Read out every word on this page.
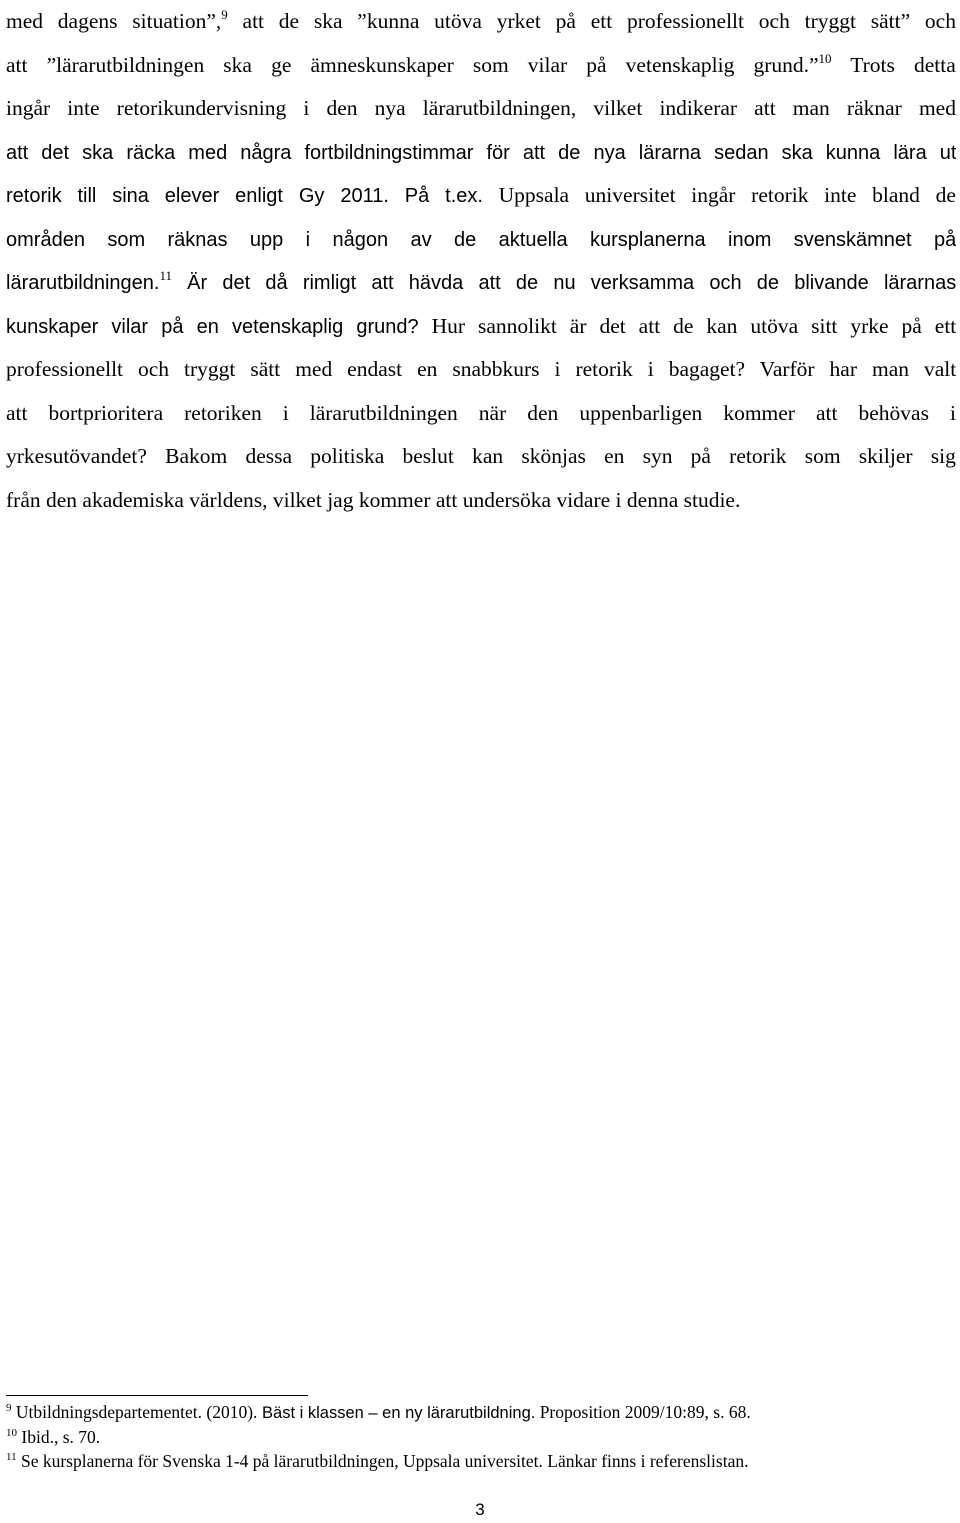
med dagens situation”,$^9$ att de ska ”kunna utöva yrket på ett professionellt och tryggt sätt” och
att ”lärarutbildningen ska ge ämneskunskaper som vilar på vetenskaplig grund.”$^{10}$ Trots detta
ingår inte retorikundervisning i den nya lärarutbildningen, vilket indikerar att man räknar med
att det ska räcka med några fortbildningstimmar för att de nya lärarna sedan ska kunna lära ut
retorik till sina elever enligt Gy 2011. På t.ex. Uppsala universitet ingår retorik inte bland de
områden som räknas upp i någon av de aktuella kursplanerna inom svenskämnet på
lärarutbildningen.$^{11}$ Är det då rimligt att hävda att de nu verksamma och de blivande lärarnas
kunskaper vilar på en vetenskaplig grund? Hur sannolikt är det att de kan utöva sitt yrke på ett
professionellt och tryggt sätt med endast en snabbkurs i retorik i bagaget? Varför har man valt
att bortprioritera retoriken i lärarutbildningen när den uppenbarligen kommer att behövas i
yrkesutövandet? Bakom dessa politiska beslut kan skönjas en syn på retorik som skiljer sig
från den akademiska världens, vilket jag kommer att undersöka vidare i denna studie.
$^9$ Utbildningsdepartementet. (2010). Bäst i klassen – en ny lärarutbildning. Proposition 2009/10:89, s. 68.
$^{10}$ Ibid., s. 70.
$^{11}$ Se kursplanerna för Svenska 1-4 på lärarutbildningen, Uppsala universitet. Länkar finns i referenslistan.
3
